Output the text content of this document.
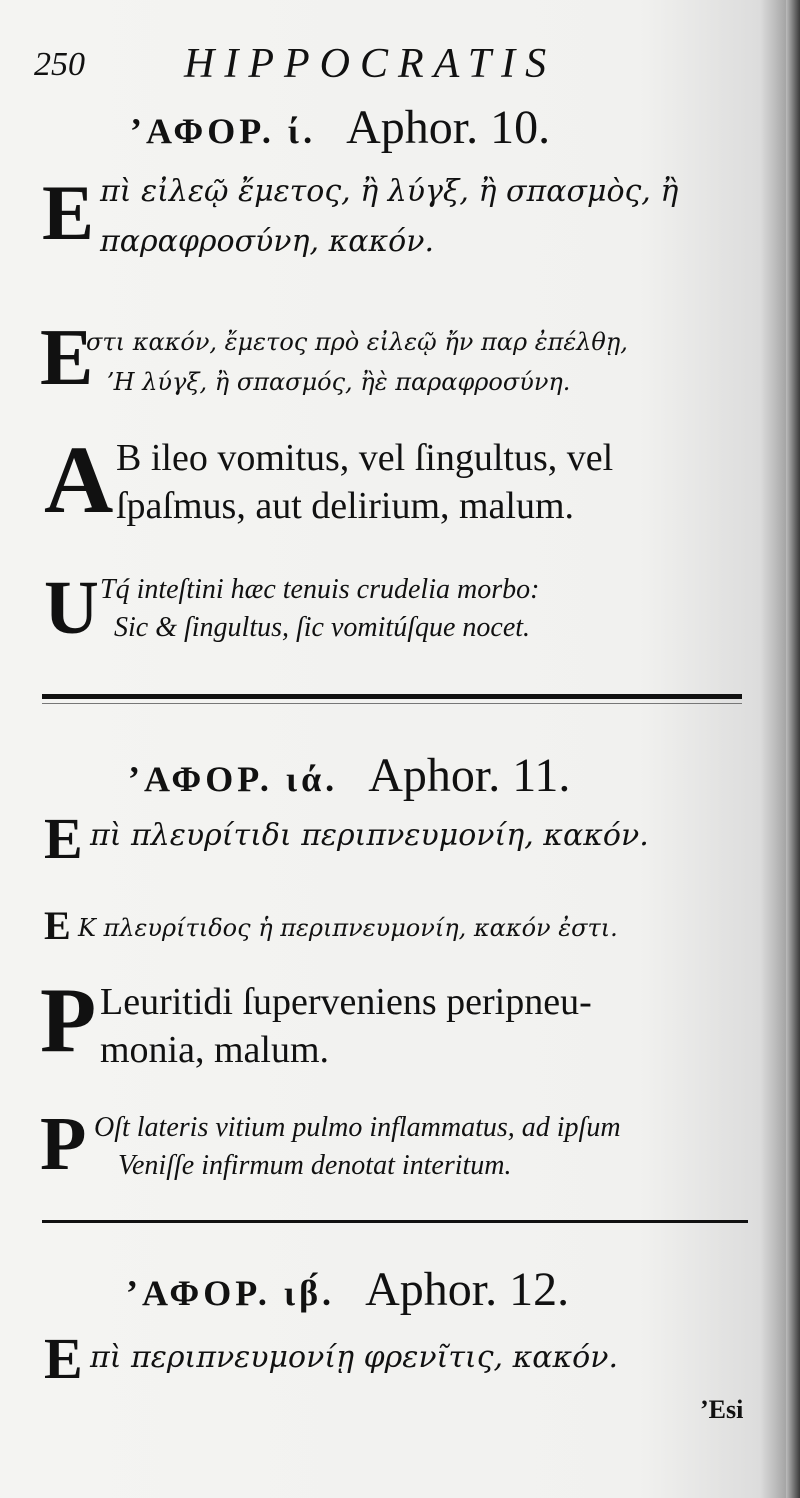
250 HIPPOCRATIS
ʼΑΦΟΡ. ί. Aphor. 10.
Ε πὶ εἰλεῷ ἔμετος, ἢ λύγξ, ἢ σπασμὸς, ἢ
παραφροσύνη, κακόν.
Ε
στι κακόν, ἔμετος πρὸ εἰλεῷ ἤν παρ ἐπέλθῃ,
ʼΗ λύγξ, ἢ σπασμός, ἢὲ παραφροσύνη.
A B ileo vomitus, vel ſingultus, vel
ſpaſmus, aut delirium, malum.
U Tq́ inteſtini hæc tenuis crudelia morbo:
Sic & ſingultus, ſic vomitúſque nocet.
ʼΑΦΟΡ. ιά. Aphor. 11.
Ε πὶ πλευρίτιδι περιπνευμονίη, κακόν.
Ε Κ πλευρίτιδος ἡ περιπνευμονίη, κακόν ἐστι.
P Leuritidi ſuperveniens peripneu-
monia, malum.
P Oſt lateris vitium pulmo inflammatus, ad ipſum
Veniſſe infirmum denotat interitum.
ʼΑΦΟΡ. ιβ́. Aphor. 12.
Ε πὶ περιπνευμονίῃ φρενῖτις, κακόν.
ʼEsi
